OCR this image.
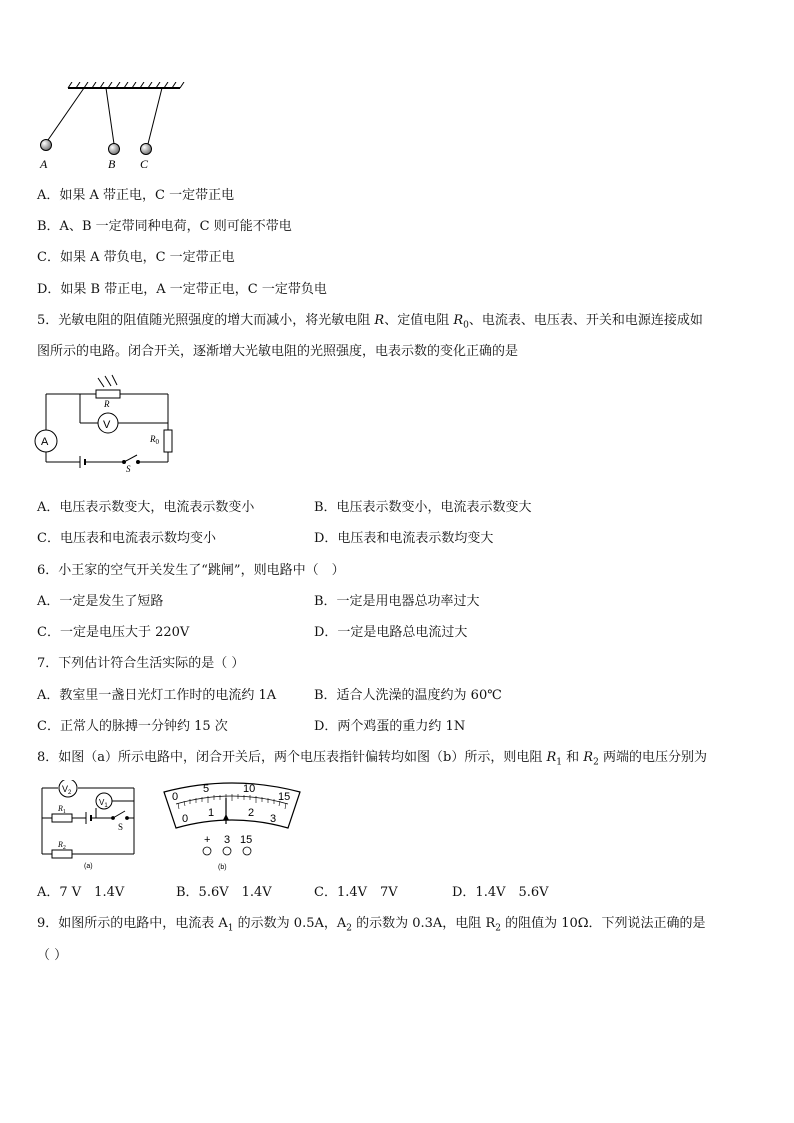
A	B C
A．如果 A 带正电，C 一定带正电
B．A、B 一定带同种电荷，C 则可能不带电
C．如果 A 带负电，C 一定带正电
D．如果 B 带正电，A 一定带正电，C 一定带负电
5．光敏电阻的阻值随光照强度的增大而减小，将光敏电阻 R、定值电阻 $R_0$、电流表、电压表、开关和电源连接成如
图所示的电路。闭合开关，逐渐增大光敏电阻的光照强度，电表示数的变化正确的是
R
V
A	$R_0$
S
A．电压表示数变大，电流表示数变小	B．电压表示数变小，电流表示数变大
C．电压表和电流表示数均变小	D．电压表和电流表示数均变大
6．小王家的空气开关发生了“跳闸”，则电路中（　）
A．一定是发生了短路	B．一定是用电器总功率过大
C．一定是电压大于 220V	D．一定是电路总电流过大
7．下列估计符合生活实际的是（ ）
A．教室里一盏日光灯工作时的电流约 1A	B．适合人洗澡的温度约为 60℃
C．正常人的脉搏一分钟约 15 次	D．两个鸡蛋的重力约 1N
8．如图（a）所示电路中，闭合开关后，两个电压表指针偏转均如图（b）所示，则电阻 $R_1$ 和 $R_2$ 两端的电压分别为
$V_2$
$V_1$
$R_1$
S
$R_2$
(a)
0
5	10
15
0 1	2 3
+ 3 15
(b)
A．7 V　1.4V	B．5.6V　1.4V	C．1.4V　7V	D．1.4V　5.6V
9．如图所示的电路中，电流表 $A_1$ 的示数为 0.5A，$A_2$ 的示数为 0.3A，电阻 $R_2$ 的阻值为 10Ω．下列说法正确的是
（ ）
